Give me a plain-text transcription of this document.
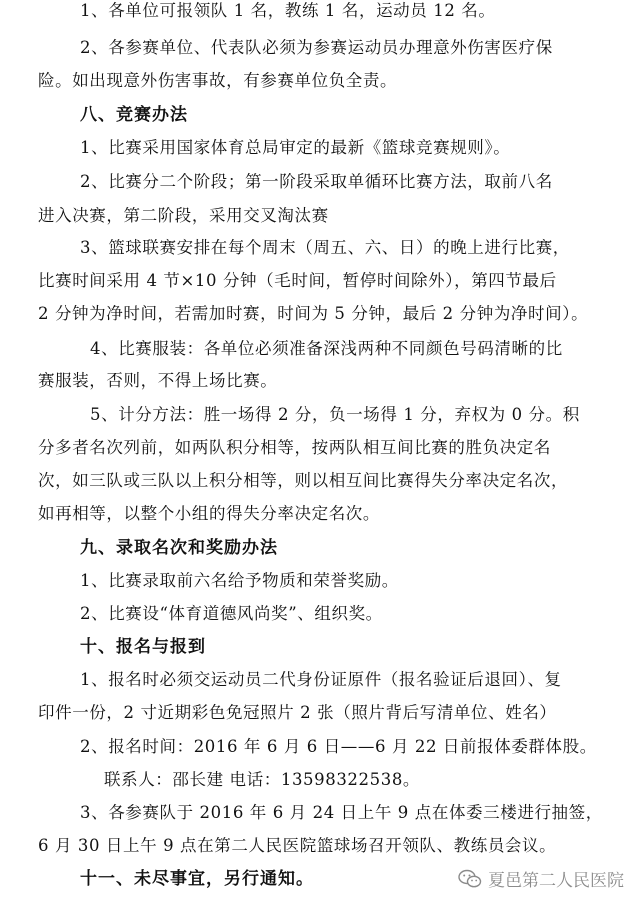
1、各单位可报领队 1 名，教练 1 名，运动员 12 名。
2、各参赛单位、代表队必须为参赛运动员办理意外伤害医疗保
险。如出现意外伤害事故，有参赛单位负全责。
八、竞赛办法
1、比赛采用国家体育总局审定的最新《篮球竞赛规则》。
2、比赛分二个阶段；第一阶段采取单循环比赛方法，取前八名
进入决赛，第二阶段，采用交叉淘汰赛
3、篮球联赛安排在每个周末（周五、六、日）的晚上进行比赛，
比赛时间采用 4 节×10 分钟（毛时间，暂停时间除外），第四节最后
2 分钟为净时间，若需加时赛，时间为 5 分钟，最后 2 分钟为净时间）。
4、比赛服装：各单位必须准备深浅两种不同颜色号码清晰的比
赛服装，否则，不得上场比赛。
5、计分方法：胜一场得 2 分，负一场得 1 分，弃权为 0 分。积
分多者名次列前，如两队积分相等，按两队相互间比赛的胜负决定名
次，如三队或三队以上积分相等，则以相互间比赛得失分率决定名次，
如再相等，以整个小组的得失分率决定名次。
九、录取名次和奖励办法
1、比赛录取前六名给予物质和荣誉奖励。
2、比赛设“体育道德风尚奖”、组织奖。
十、报名与报到
1、报名时必须交运动员二代身份证原件（报名验证后退回）、复
印件一份，2 寸近期彩色免冠照片 2 张（照片背后写清单位、姓名）
2、报名时间：2016 年 6 月 6 日——6 月 22 日前报体委群体股。
联系人：邵长建 电话：13598322538。
3、各参赛队于 2016 年 6 月 24 日上午 9 点在体委三楼进行抽签，
6 月 30 日上午 9 点在第二人民医院篮球场召开领队、教练员会议。
十一、未尽事宜，另行通知。	夏邑第二人民医院
